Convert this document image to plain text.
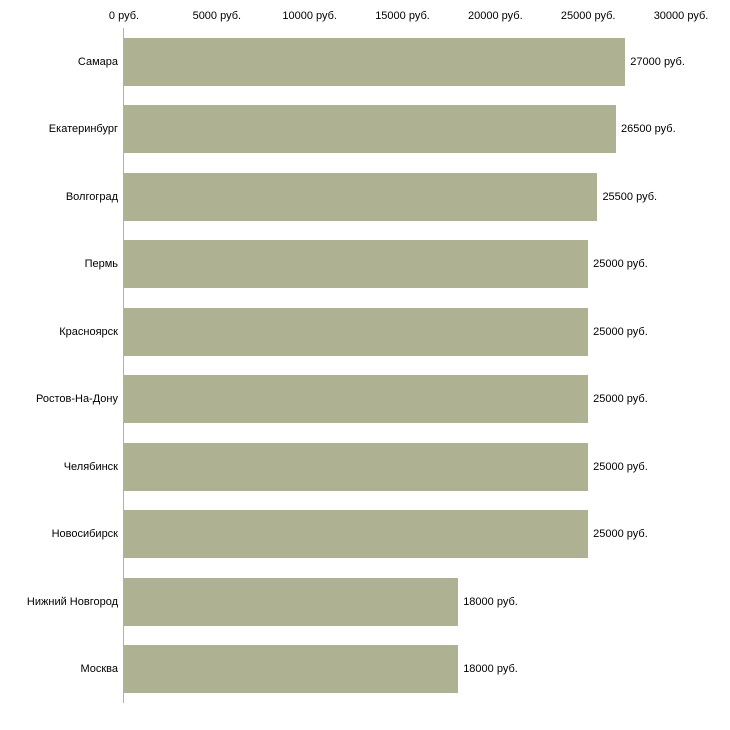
0 руб.	5000 руб.	10000 руб.	15000 руб.	20000 руб.	25000 руб.	30000 руб.
27000 руб.
26500 руб.
25500 руб.
25000 руб.
25000 руб.
25000 руб.
25000 руб.
25000 руб.
18000 руб.
18000 руб.
Самара
Екатеринбург
Волгоград
Пермь
Красноярск
Ростов-На-Дону
Челябинск
Новосибирск
Нижний Новгород
Москва
